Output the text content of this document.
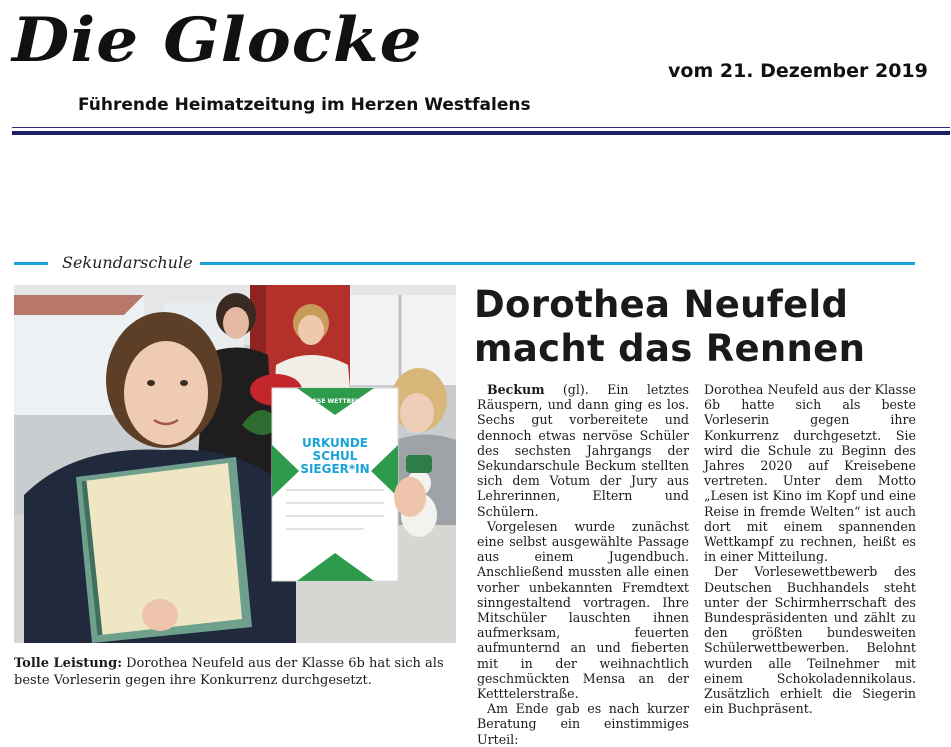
Die Glocke	vom 21. Dezember 2019
Führende Heimatzeitung im Herzen Westfalens
Sekundarschule
VORLESE WETTBEWERB
URKUNDE
SCHUL
SIEGER*IN
Tolle Leistung: Dorothea Neufeld aus der Klasse 6b hat sich als beste Vorleserin gegen ihre Konkurrenz durchgesetzt.
Dorothea Neufeld
macht das Rennen

Beckum (gl). Ein letztes Räuspern, und dann ging es los. Sechs gut vorbereitete und dennoch etwas nervöse Schüler des sechsten Jahrgangs der Sekundarschule Beckum stellten sich dem Votum der Jury aus Lehrerinnen, Eltern und Schülern.

Vorgelesen wurde zunächst eine selbst ausgewählte Passage aus einem Jugendbuch. Anschließend mussten alle einen vorher unbekannten Fremdtext sinngestaltend vortragen. Ihre Mitschüler lauschten ihnen aufmerksam, feuerten aufmunternd an und fieberten mit in der weihnachtlich geschmückten Mensa an der Ketttelerstraße.

Am Ende gab es nach kurzer Beratung ein einstimmiges Urteil:

Dorothea Neufeld aus der Klasse 6b hatte sich als beste Vorleserin gegen ihre Konkurrenz durchgesetzt. Sie wird die Schule zu Beginn des Jahres 2020 auf Kreisebene vertreten. Unter dem Motto „Lesen ist Kino im Kopf und eine Reise in fremde Welten“ ist auch dort mit einem spannenden Wettkampf zu rechnen, heißt es in einer Mitteilung.

Der Vorlesewettbewerb des Deutschen Buchhandels steht unter der Schirmherrschaft des Bundespräsidenten und zählt zu den größten bundesweiten Schülerwettbewerben. Belohnt wurden alle Teilnehmer mit einem Schokoladennikolaus. Zusätzlich erhielt die Siegerin ein Buchpräsent.
